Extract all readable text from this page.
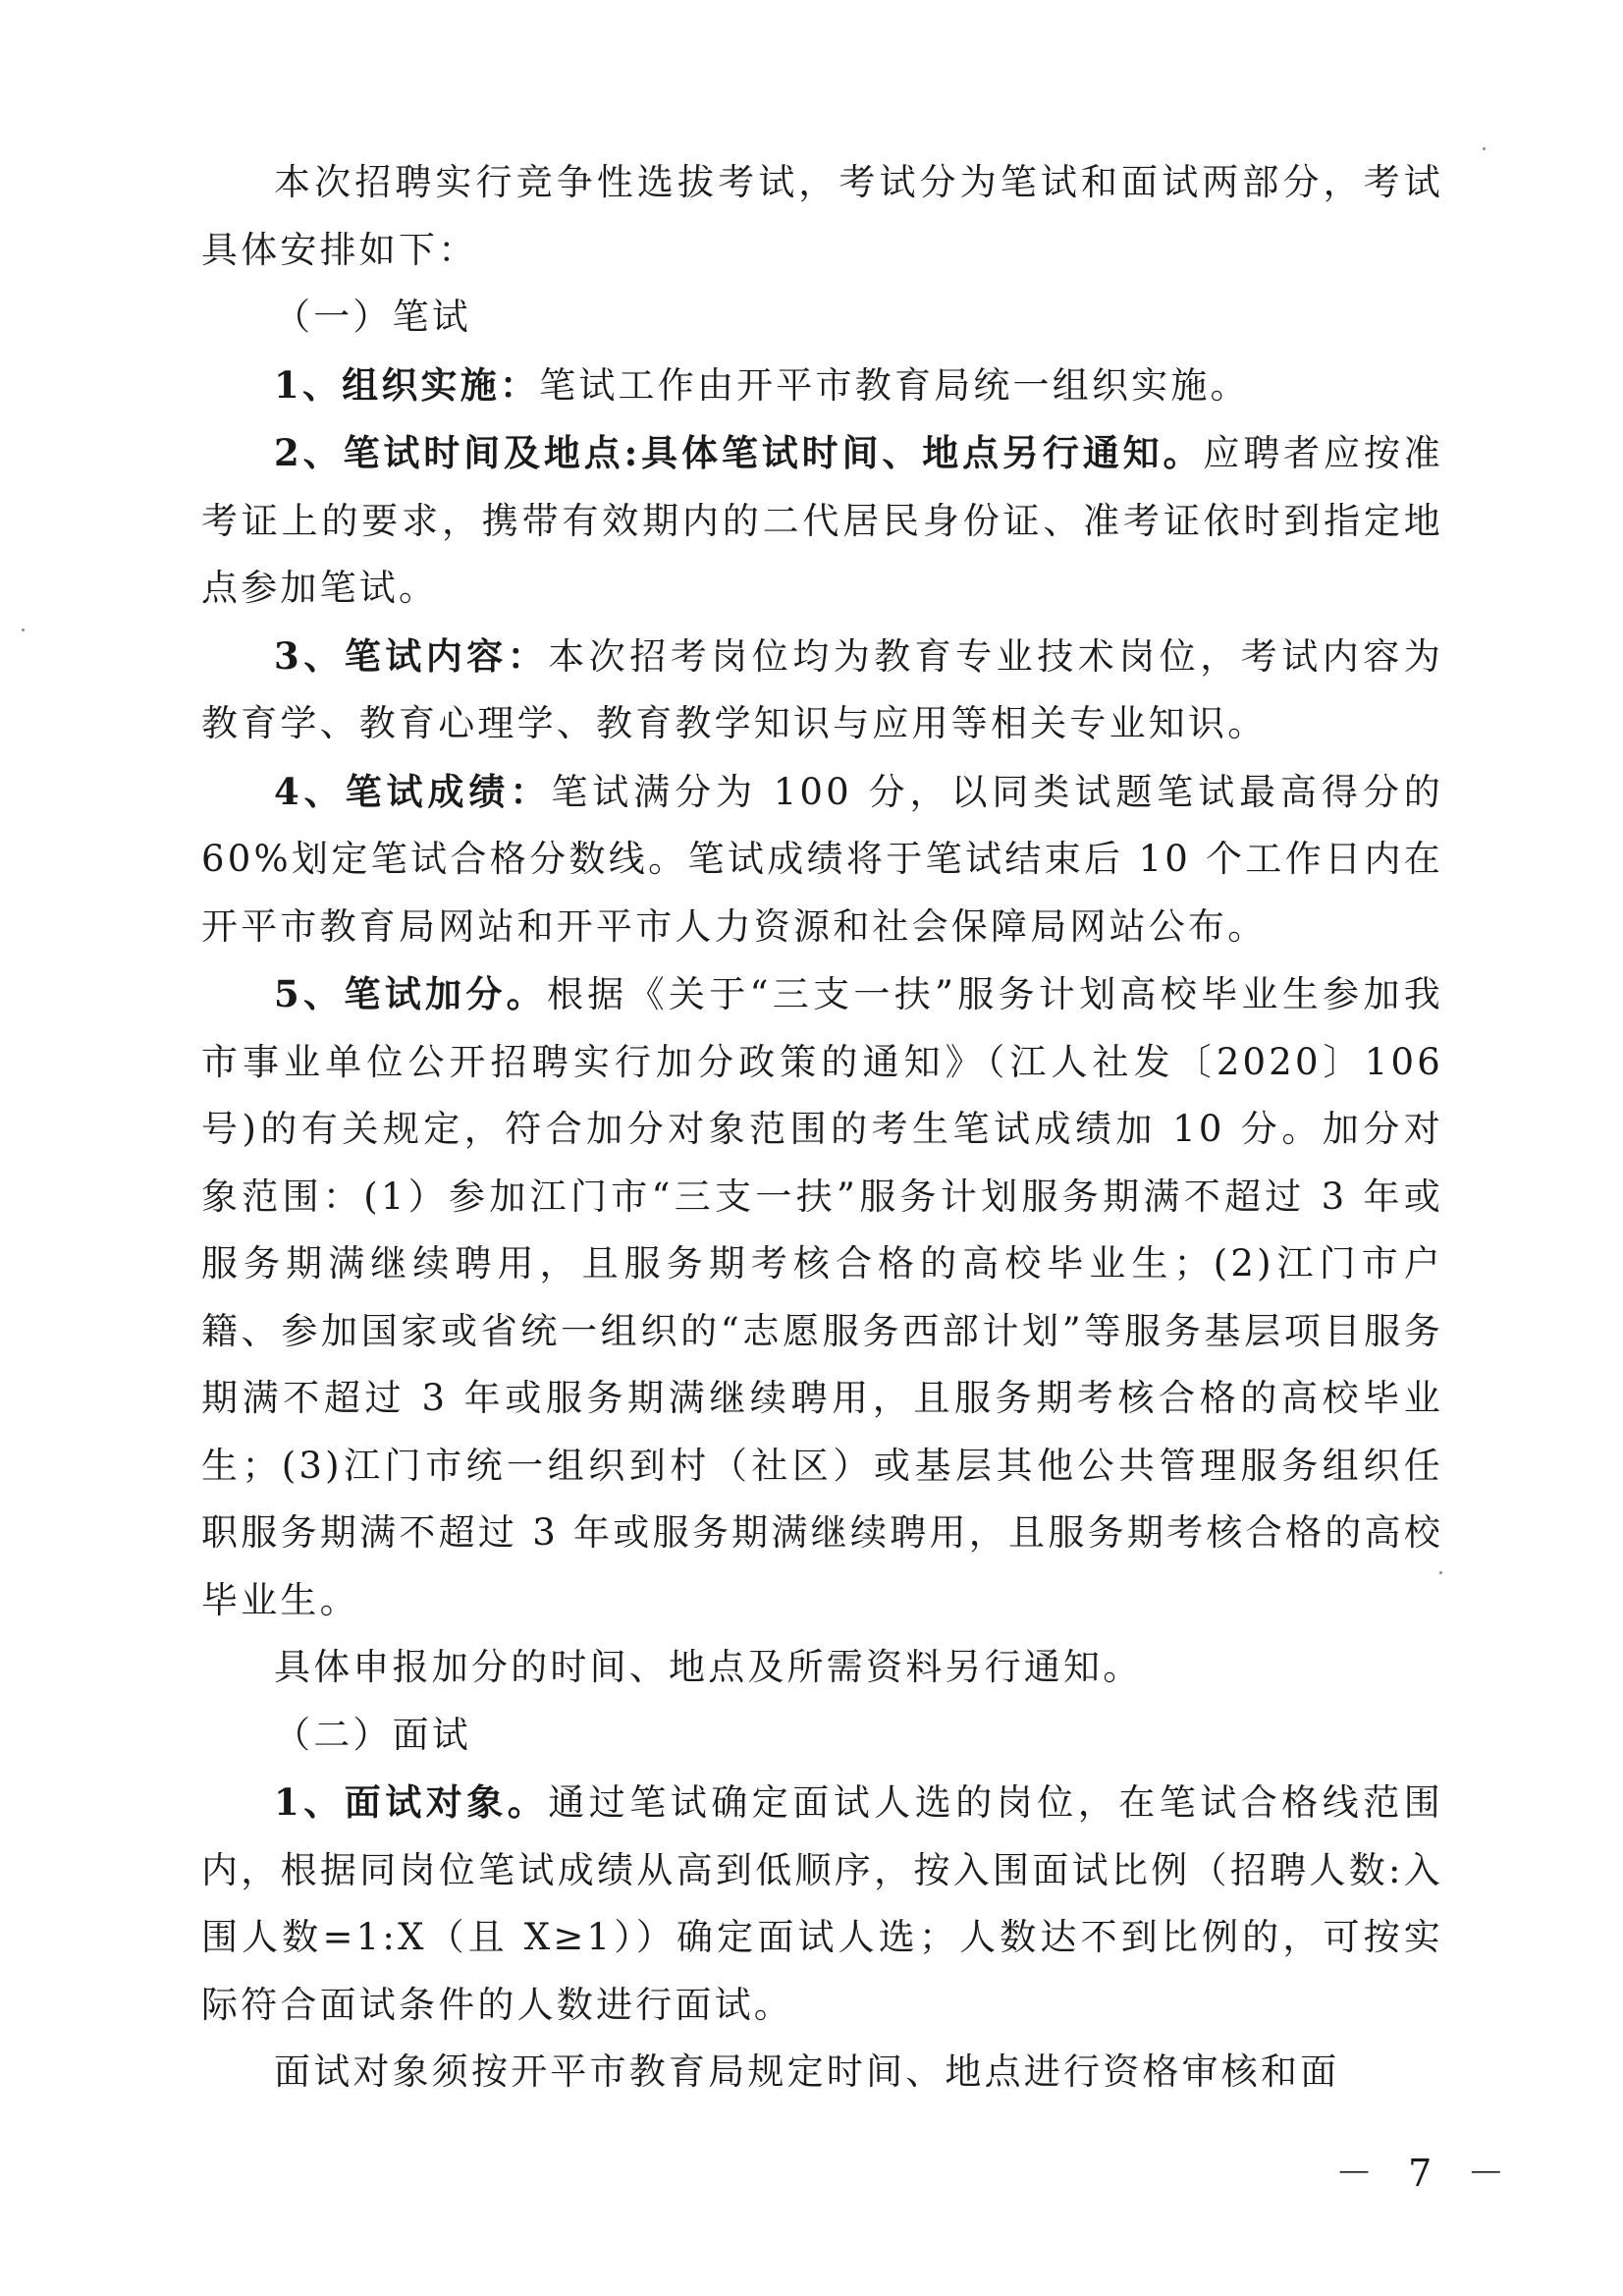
本次招聘实行竞争性选拔考试，考试分为笔试和面试两部分，考试具体安排如下：

（一）笔试

1、组织实施：笔试工作由开平市教育局统一组织实施。

2、笔试时间及地点:具体笔试时间、地点另行通知。应聘者应按准考证上的要求，携带有效期内的二代居民身份证、准考证依时到指定地点参加笔试。

3、笔试内容：本次招考岗位均为教育专业技术岗位，考试内容为教育学、教育心理学、教育教学知识与应用等相关专业知识。

4、笔试成绩：笔试满分为 100 分，以同类试题笔试最高得分的 60%划定笔试合格分数线。笔试成绩将于笔试结束后 10 个工作日内在开平市教育局网站和开平市人力资源和社会保障局网站公布。

5、笔试加分。根据《关于“三支一扶”服务计划高校毕业生参加我市事业单位公开招聘实行加分政策的通知》（江人社发〔2020〕106 号)的有关规定，符合加分对象范围的考生笔试成绩加 10 分。加分对象范围：(1）参加江门市“三支一扶”服务计划服务期满不超过 3 年或服务期满继续聘用，且服务期考核合格的高校毕业生；(2)江门市户籍、参加国家或省统一组织的“志愿服务西部计划”等服务基层项目服务期满不超过 3 年或服务期满继续聘用，且服务期考核合格的高校毕业生；(3)江门市统一组织到村（社区）或基层其他公共管理服务组织任职服务期满不超过 3 年或服务期满继续聘用，且服务期考核合格的高校毕业生。

具体申报加分的时间、地点及所需资料另行通知。

（二）面试

1、面试对象。通过笔试确定面试人选的岗位，在笔试合格线范围内，根据同岗位笔试成绩从高到低顺序，按入围面试比例（招聘人数:入围人数=1:X（且 X≥1））确定面试人选；人数达不到比例的，可按实际符合面试条件的人数进行面试。

面试对象须按开平市教育局规定时间、地点进行资格审核和面

－ 7 －
